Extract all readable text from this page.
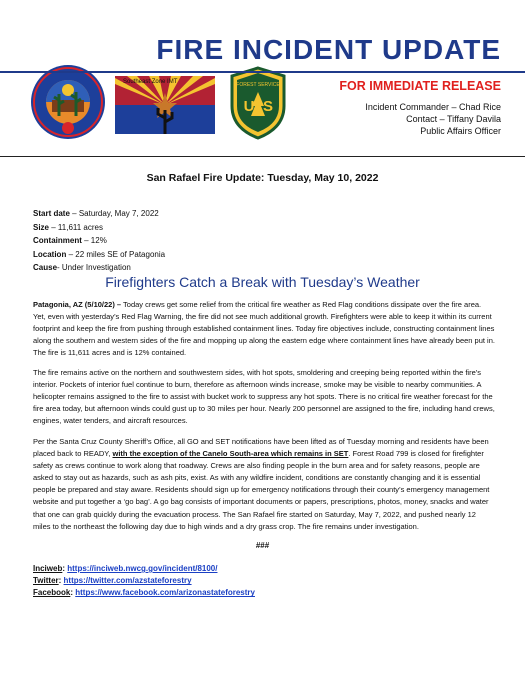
Southeast Zone IMT	FOREST SERVICE
U S
FIRE INCIDENT UPDATE
FOR IMMEDIATE RELEASE
Incident Commander – Chad Rice
Contact – Tiffany Davila
Public Affairs Officer
San Rafael Fire Update: Tuesday, May 10, 2022
Start date – Saturday, May 7, 2022
Size – 11,611 acres
Containment – 12%
Location – 22 miles SE of Patagonia
Cause- Under Investigation
Firefighters Catch a Break with Tuesday’s Weather
Patagonia, AZ (5/10/22) – Today crews get some relief from the critical fire weather as Red Flag conditions dissipate over the fire area. Yet, even with yesterday’s Red Flag Warning, the fire did not see much additional growth. Firefighters were able to keep it within its current footprint and keep the fire from pushing through established containment lines. Today fire objectives include, constructing containment lines along the southern and western sides of the fire and mopping up along the eastern edge where containment lines have already been put in. The fire is 11,611 acres and is 12% contained.
The fire remains active on the northern and southwestern sides, with hot spots, smoldering and creeping being reported within the fire’s interior. Pockets of interior fuel continue to burn, therefore as afternoon winds increase, smoke may be visible to nearby communities. A helicopter remains assigned to the fire to assist with bucket work to suppress any hot spots. There is no critical fire weather forecast for the fire area today, but afternoon winds could gust up to 30 miles per hour. Nearly 200 personnel are assigned to the fire, including hand crews, engines, water tenders, and aircraft resources.
Per the Santa Cruz County Sheriff’s Office, all GO and SET notifications have been lifted as of Tuesday morning and residents have been placed back to READY, with the exception of the Canelo South-area which remains in SET. Forest Road 799 is closed for firefighter safety as crews continue to work along that roadway. Crews are also finding people in the burn area and for safety reasons, people are asked to stay out as hazards, such as ash pits, exist. As with any wildfire incident, conditions are constantly changing and it is essential people be prepared and stay aware. Residents should sign up for emergency notifications through their county’s emergency management website and put together a ‘go bag’. A go bag consists of important documents or papers, prescriptions, photos, money, snacks and water that one can grab quickly during the evacuation process. The San Rafael fire started on Saturday, May 7, 2022, and pushed nearly 12 miles to the northeast the following day due to high winds and a dry grass crop. The fire remains under investigation.
###
Inciweb: https://inciweb.nwcg.gov/incident/8100/
Twitter: https://twitter.com/azstateforestry
Facebook: https://www.facebook.com/arizonastateforestry
